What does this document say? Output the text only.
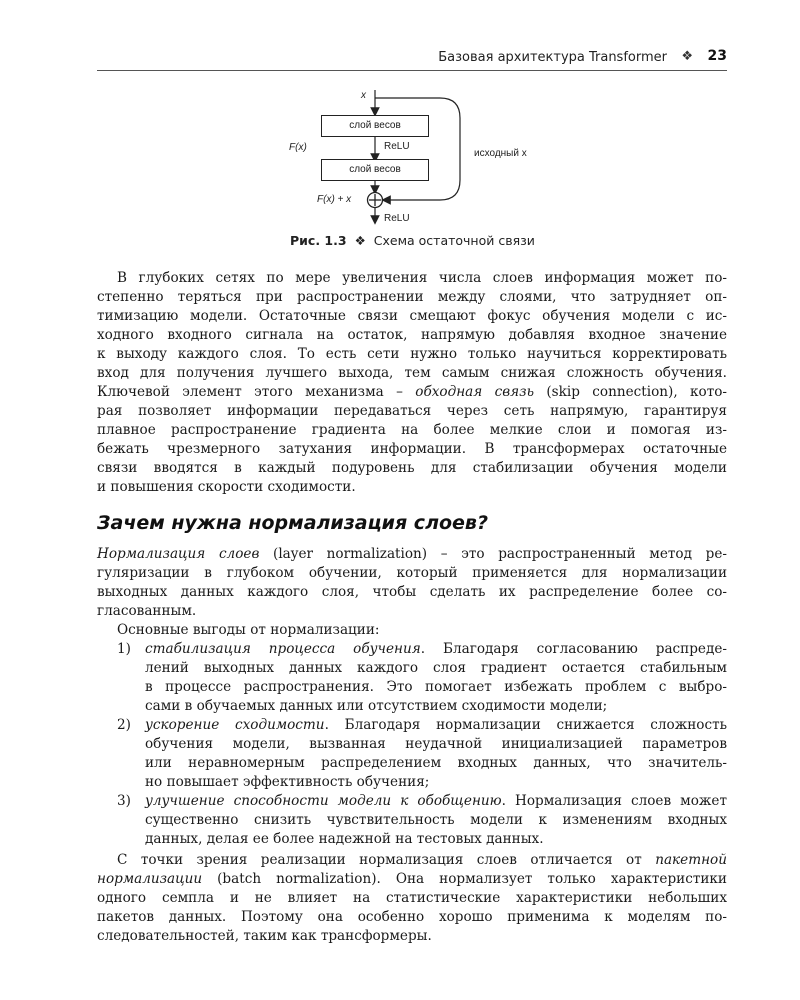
Базовая архитектура Transformer ❖ 23
x
слой весов
ReLU
F(x)
слой весов
F(x) + x
ReLU
исходный x
Рис. 1.3 ❖ Схема остаточной связи
В глубоких сетях по мере увеличения числа слоев информация может по-
степенно теряться при распространении между слоями, что затрудняет оп-
тимизацию модели. Остаточные связи смещают фокус обучения модели с ис-
ходного входного сигнала на остаток, напрямую добавляя входное значение
к выходу каждого слоя. То есть сети нужно только научиться корректировать
вход для получения лучшего выхода, тем самым снижая сложность обучения.
Ключевой элемент этого механизма – обходная связь (skip connection), кото-
рая позволяет информации передаваться через сеть напрямую, гарантируя
плавное распространение градиента на более мелкие слои и помогая из-
бежать чрезмерного затухания информации. В трансформерах остаточные
связи вводятся в каждый подуровень для стабилизации обучения модели
и повышения скорости сходимости.
Зачем нужна нормализация слоев?
Нормализация слоев (layer normalization) – это распространенный метод ре-
гуляризации в глубоком обучении, который применяется для нормализации
выходных данных каждого слоя, чтобы сделать их распределение более со-
гласованным.
Основные выгоды от нормализации:
1) стабилизация процесса обучения. Благодаря согласованию распреде-
лений выходных данных каждого слоя градиент остается стабильным
в процессе распространения. Это помогает избежать проблем с выбро-
сами в обучаемых данных или отсутствием сходимости модели;
2) ускорение сходимости. Благодаря нормализации снижается сложность
обучения модели, вызванная неудачной инициализацией параметров
или неравномерным распределением входных данных, что значитель-
но повышает эффективность обучения;
3) улучшение способности модели к обобщению. Нормализация слоев может
существенно снизить чувствительность модели к изменениям входных
данных, делая ее более надежной на тестовых данных.
С точки зрения реализации нормализация слоев отличается от пакетной
нормализации (batch normalization). Она нормализует только характеристики
одного семпла и не влияет на статистические характеристики небольших
пакетов данных. Поэтому она особенно хорошо применима к моделям по-
следовательностей, таким как трансформеры.
